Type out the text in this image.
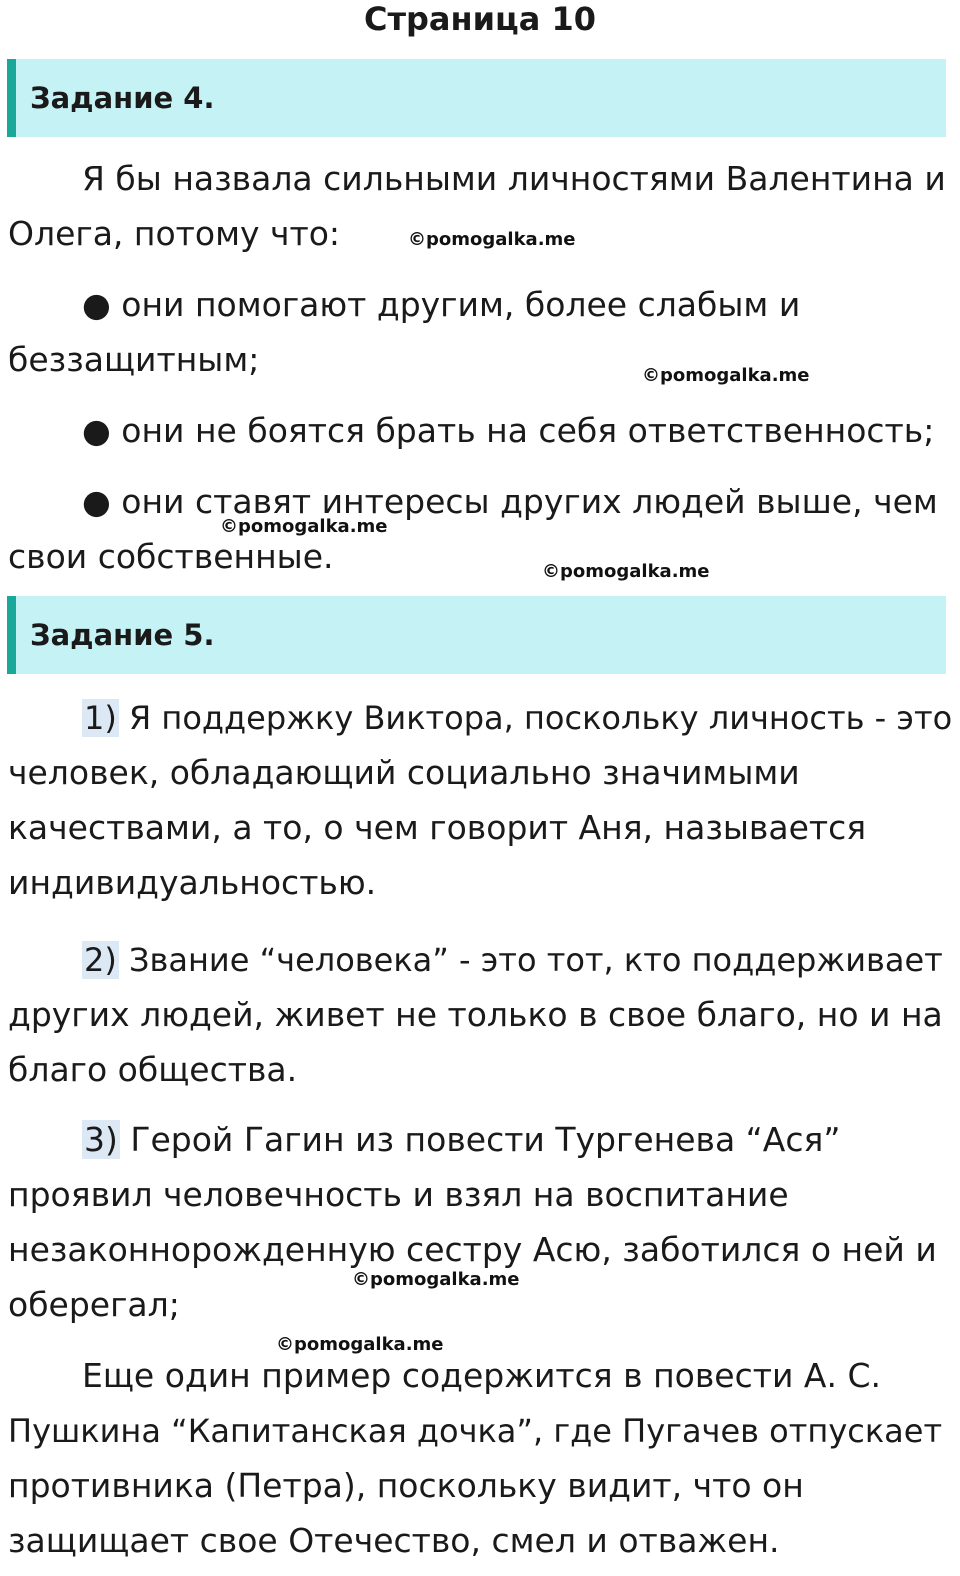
Страница 10
Задание 4.
Я бы назвала сильными личностями Валентина и
Олега, потому что:
● они помогают другим, более слабым и
беззащитным;
● они не боятся брать на себя ответственность;
● они ставят интересы других людей выше, чем
свои собственные.
Задание 5.
1) Я поддержку Виктора, поскольку личность - это
человек, обладающий социально значимыми
качествами, а то, о чем говорит Аня, называется
индивидуальностью.
2) Звание “человека” - это тот, кто поддерживает
других людей, живет не только в свое благо, но и на
благо общества.
3) Герой Гагин из повести Тургенева “Ася”
проявил человечность и взял на воспитание
незаконнорожденную сестру Асю, заботился о ней и
оберегал;
Еще один пример содержится в повести А. С.
Пушкина “Капитанская дочка”, где Пугачев отпускает
противника (Петра), поскольку видит, что он
защищает свое Отечество, смел и отважен.
©pomogalka.me
©pomogalka.me
©pomogalka.me
©pomogalka.me
©pomogalka.me
©pomogalka.me
